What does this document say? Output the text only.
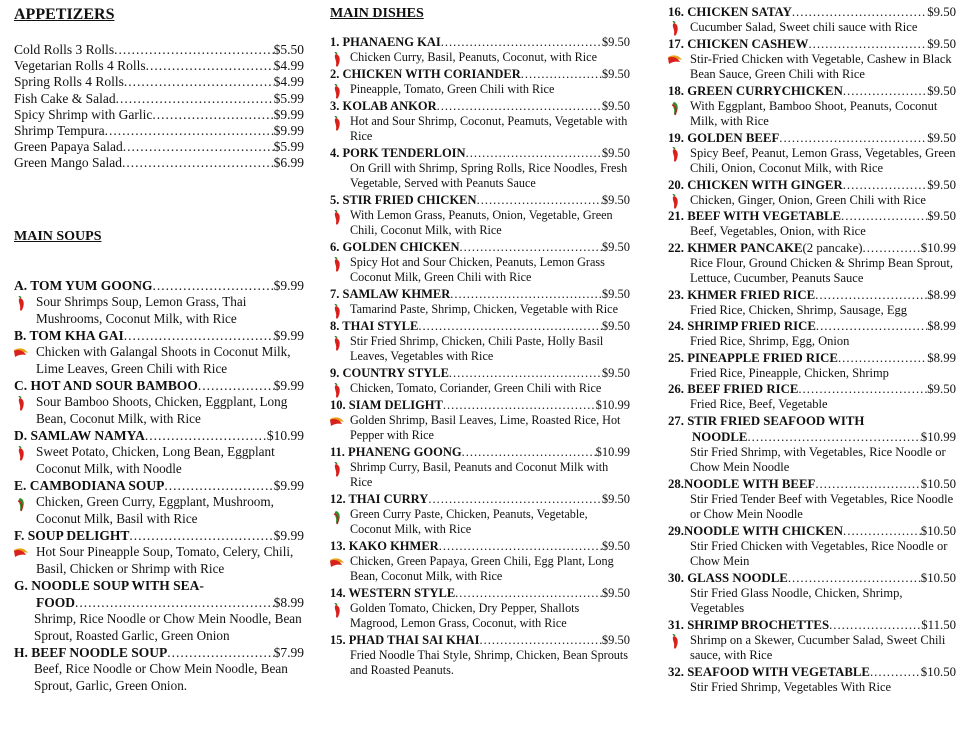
APPETIZERS
Cold Rolls 3 Rolls .....	$5.50
Vegetarian Rolls 4 Rolls .....	$4.99
Spring Rolls 4 Rolls .....	$4.99
Fish Cake & Salad .....	$5.99
Spicy Shrimp with Garlic .....	$9.99
Shrimp Tempura .....	$9.99
Green Papaya Salad .....	$5.99
Green Mango Salad .....	$6.99
MAIN SOUPS
A. TOM YUM GOONG .....	$9.99
Sour Shrimps Soup, Lemon Grass, Thai Mushrooms, Coconut Milk, with Rice
B. TOM KHA GAI .....	$9.99
Chicken with Galangal Shoots in Coconut Milk, Lime Leaves, Green Chili with Rice
C. HOT AND SOUR BAMBOO .....	$9.99
Sour Bamboo Shoots, Chicken, Eggplant, Long Bean, Coconut Milk, with Rice
D. SAMLAW NAMYA .....	$10.99
Sweet Potato, Chicken, Long Bean, Eggplant Coconut Milk, with Noodle
E. CAMBODIANA SOUP .....	$9.99
Chicken, Green Curry, Eggplant, Mushroom, Coconut Milk, Basil with Rice
F. SOUP DELIGHT .....	$9.99
Hot Sour Pineapple Soup, Tomato, Celery, Chili, Basil, Chicken or Shrimp with Rice
G. NOODLE SOUP WITH SEA-
FOOD .....	$8.99
Shrimp, Rice Noodle or Chow Mein Noodle, Bean Sprout, Roasted Garlic, Green Onion
H. BEEF NOODLE SOUP .....	$7.99
Beef, Rice Noodle or Chow Mein Noodle, Bean Sprout, Garlic, Green Onion.
MAIN DISHES
1. PHANAENG KAI .....	$9.50
Chicken Curry, Basil, Peanuts, Coconut, with Rice
2. CHICKEN WITH CORIANDER .....	$9.50
Pineapple, Tomato, Green Chili with Rice
3. KOLAB ANKOR .....	$9.50
Hot and Sour Shrimp, Coconut, Peamuts, Vegetable with Rice
4. PORK TENDERLOIN .....	$9.50
On Grill with Shrimp, Spring Rolls, Rice Noodles, Fresh Vegetable, Served with Peanuts Sauce
5. STIR FRIED CHICKEN .....	$9.50
With Lemon Grass, Peanuts, Onion, Vegetable, Green Chili, Coconut Milk, with Rice
6. GOLDEN CHICKEN .....	$9.50
Spicy Hot and Sour Chicken, Peanuts, Lemon Grass Coconut Milk, Green Chili with Rice
7. SAMLAW KHMER .....	$9.50
Tamarind Paste, Shrimp, Chicken, Vegetable with Rice
8. THAI STYLE .....	$9.50
Stir Fried Shrimp, Chicken, Chili Paste, Holly Basil Leaves, Vegetables with Rice
9. COUNTRY STYLE .....	$9.50
Chicken, Tomato, Coriander, Green Chili with Rice
10. SIAM DELIGHT .....	$10.99
Golden Shrimp, Basil Leaves, Lime, Roasted Rice, Hot Pepper with Rice
11. PHANENG GOONG .....	$10.99
Shrimp Curry, Basil, Peanuts and Coconut Milk with Rice
12. THAI CURRY .....	$9.50
Green Curry Paste, Chicken, Peanuts, Vegetable, Coconut Milk, with Rice
13. KAKO KHMER .....	$9.50
Chicken, Green Papaya, Green Chili, Egg Plant, Long Bean, Coconut Milk, with Rice
14. WESTERN STYLE .....	$9.50
Golden Tomato, Chicken, Dry Pepper, Shallots Magrood, Lemon Grass, Coconut, with Rice
15. PHAD THAI SAI KHAI .....	$9.50
Fried Noodle Thai Style, Shrimp, Chicken, Bean Sprouts and Roasted Peanuts.
16. CHICKEN SATAY .....	$9.50
Cucumber Salad, Sweet chili sauce with Rice
17. CHICKEN CASHEW .....	$9.50
Stir-Fried Chicken with Vegetable, Cashew in Black Bean Sauce, Green Chili with Rice
18. GREEN CURRYCHICKEN .....	$9.50
With Eggplant, Bamboo Shoot, Peanuts, Coconut Milk, with Rice
19. GOLDEN BEEF .....	$9.50
Spicy Beef, Peanut, Lemon Grass, Vegetables, Green Chili, Onion, Coconut Milk, with Rice
20. CHICKEN WITH GINGER .....	$9.50
Chicken, Ginger, Onion, Green Chili with Rice
21. BEEF WITH VEGETABLE .....	$9.50
Beef, Vegetables, Onion, with Rice
22. KHMER PANCAKE (2 pancake) .....	$10.99
Rice Flour, Ground Chicken & Shrimp Bean Sprout, Lettuce, Cucumber, Peanuts Sauce
23. KHMER FRIED RICE .....	$8.99
Fried Rice, Chicken, Shrimp, Sausage, Egg
24. SHRIMP FRIED RICE .....	$8.99
Fried Rice, Shrimp, Egg, Onion
25. PINEAPPLE FRIED RICE .....	$8.99
Fried Rice, Pineapple, Chicken, Shrimp
26. BEEF FRIED RICE .....	$9.50
Fried Rice, Beef, Vegetable
27. STIR FRIED SEAFOOD WITH
NOODLE .....	$10.99
Stir Fried Shrimp, with Vegetables, Rice Noodle or Chow Mein Noodle
28.NOODLE WITH BEEF .....	$10.50
Stir Fried Tender Beef with Vegetables, Rice Noodle or Chow Mein Noodle
29.NOODLE WITH CHICKEN .....	$10.50
Stir Fried Chicken with Vegetables, Rice Noodle or Chow Mein
30. GLASS NOODLE .....	$10.50
Stir Fried Glass Noodle, Chicken, Shrimp, Vegetables
31. SHRIMP BROCHETTES .....	$11.50
Shrimp on a Skewer, Cucumber Salad, Sweet Chili sauce, with Rice
32. SEAFOOD WITH VEGETABLE .....	$10.50
Stir Fried Shrimp, Vegetables With Rice
